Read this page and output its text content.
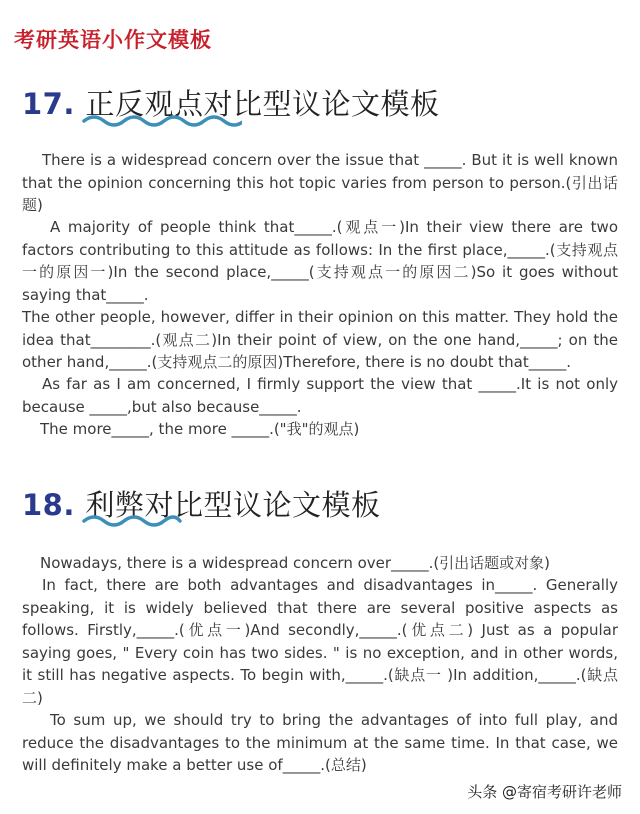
考研英语小作文模板
17. 正反观点对比型议论文模板
There is a widespread concern over the issue that _____. But it is well known that the opinion concerning this hot topic varies from person to person.(引出话题)
A majority of people think that_____.(观点一)In their view there are two factors contributing to this attitude as follows: In the first place,_____.(支持观点一的原因一)In the second place,_____(支持观点一的原因二)So it goes without saying that_____.
The other people, however, differ in their opinion on this matter. They hold the idea that________.(观点二)In their point of view, on the one hand,_____; on the other hand,_____.(支持观点二的原因)Therefore, there is no doubt that_____.
As far as I am concerned, I firmly support the view that _____.It is not only because _____,but also because_____.
The more_____, the more _____.("我"的观点)
18. 利弊对比型议论文模板
Nowadays, there is a widespread concern over_____.(引出话题或对象)
In fact, there are both advantages and disadvantages in_____. Generally speaking, it is widely believed that there are several positive aspects as follows. Firstly,_____.(优点一)And secondly,_____.(优点二) Just as a popular saying goes, " Every coin has two sides. " is no exception, and in other words, it still has negative aspects. To begin with,_____.(缺点一 )In addition,_____.(缺点二)
To sum up, we should try to bring the advantages of into full play, and reduce the disadvantages to the minimum at the same time. In that case, we will definitely make a better use of_____.(总结)
头条 @寄宿考研许老师
